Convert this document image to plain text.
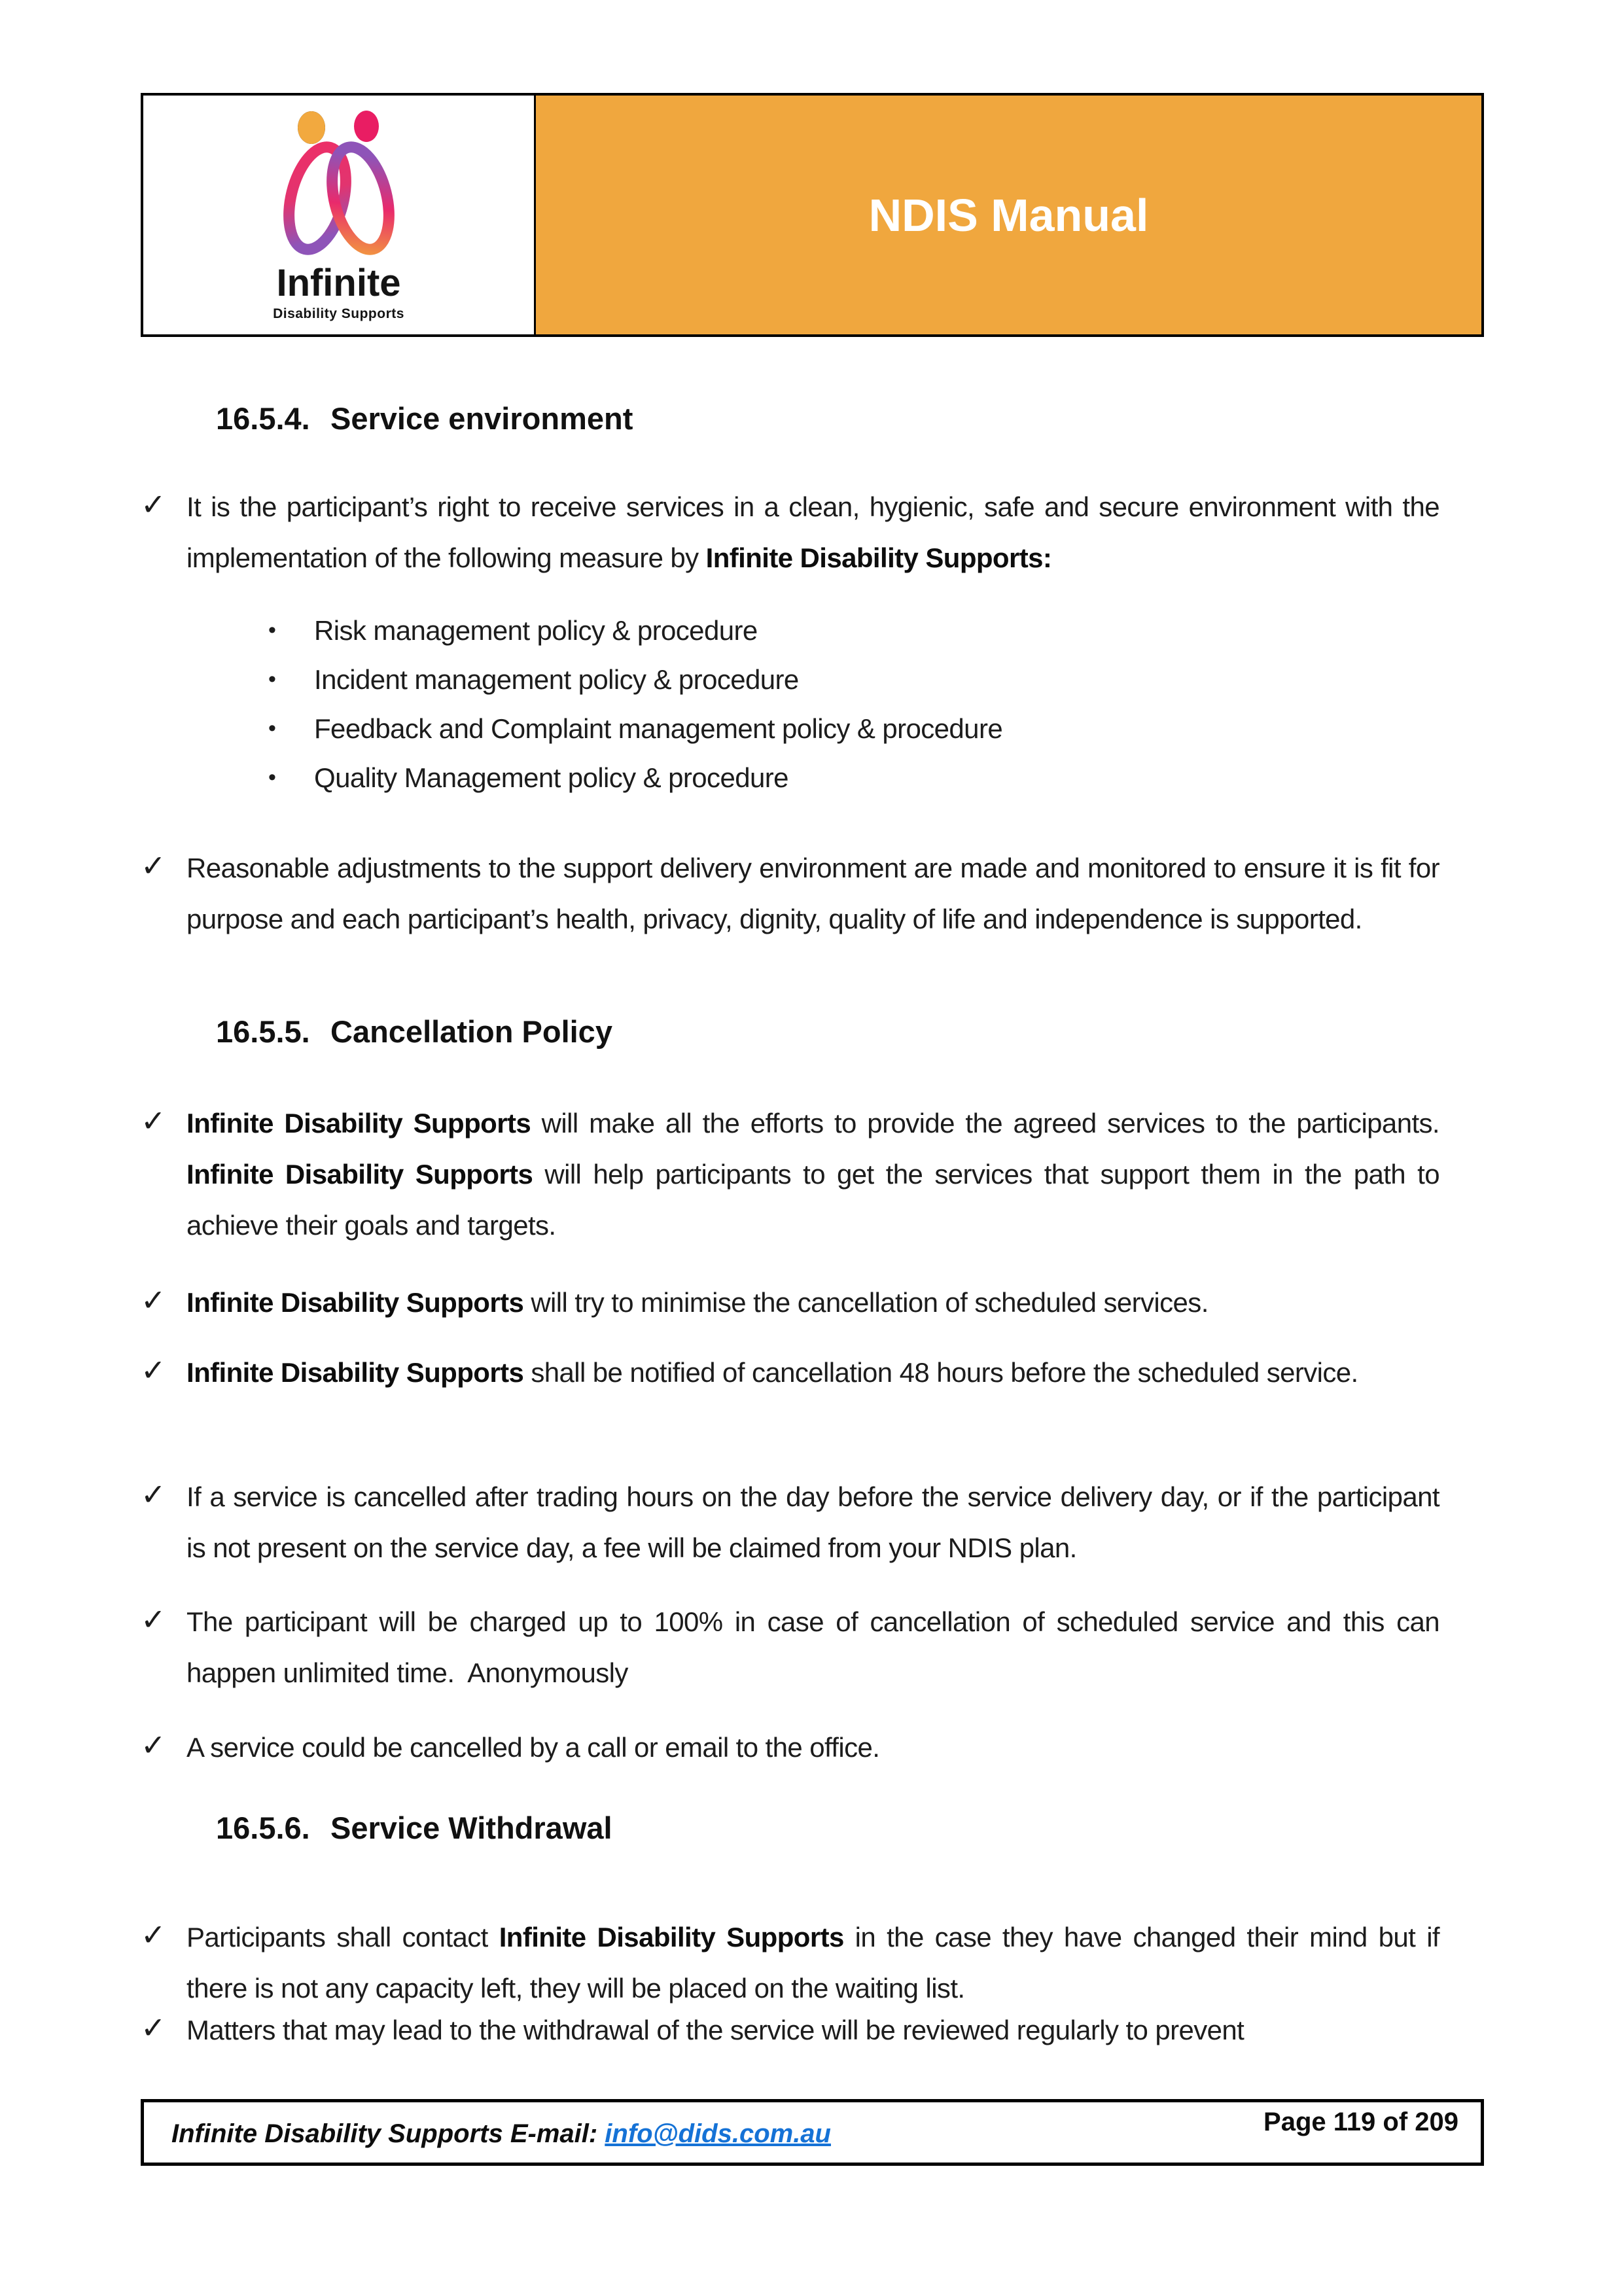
Infinite
Disability Supports
NDIS Manual
16.5.4. Service environment
✓ It is the participant’s right to receive services in a clean, hygienic, safe and secure environment with the implementation of the following measure by Infinite Disability Supports:
•	Risk management policy & procedure
•	Incident management policy & procedure
•	Feedback and Complaint management policy & procedure
•	Quality Management policy & procedure
✓ Reasonable adjustments to the support delivery environment are made and monitored to ensure it is fit for purpose and each participant’s health, privacy, dignity, quality of life and independence is supported.
16.5.5. Cancellation Policy
✓ Infinite Disability Supports will make all the efforts to provide the agreed services to the participants. Infinite Disability Supports will help participants to get the services that support them in the path to achieve their goals and targets.
✓ Infinite Disability Supports will try to minimise the cancellation of scheduled services.
✓ Infinite Disability Supports shall be notified of cancellation 48 hours before the scheduled service.
✓ If a service is cancelled after trading hours on the day before the service delivery day, or if the participant is not present on the service day, a fee will be claimed from your NDIS plan.
✓ The participant will be charged up to 100% in case of cancellation of scheduled service and this can happen unlimited time.  Anonymously
✓ A service could be cancelled by a call or email to the office.
16.5.6. Service Withdrawal
✓ Participants shall contact Infinite Disability Supports in the case they have changed their mind but if there is not any capacity left, they will be placed on the waiting list.
✓ Matters that may lead to the withdrawal of the service will be reviewed regularly to prevent
Infinite Disability Supports E-mail: info@dids.com.au	Page 119 of 209
